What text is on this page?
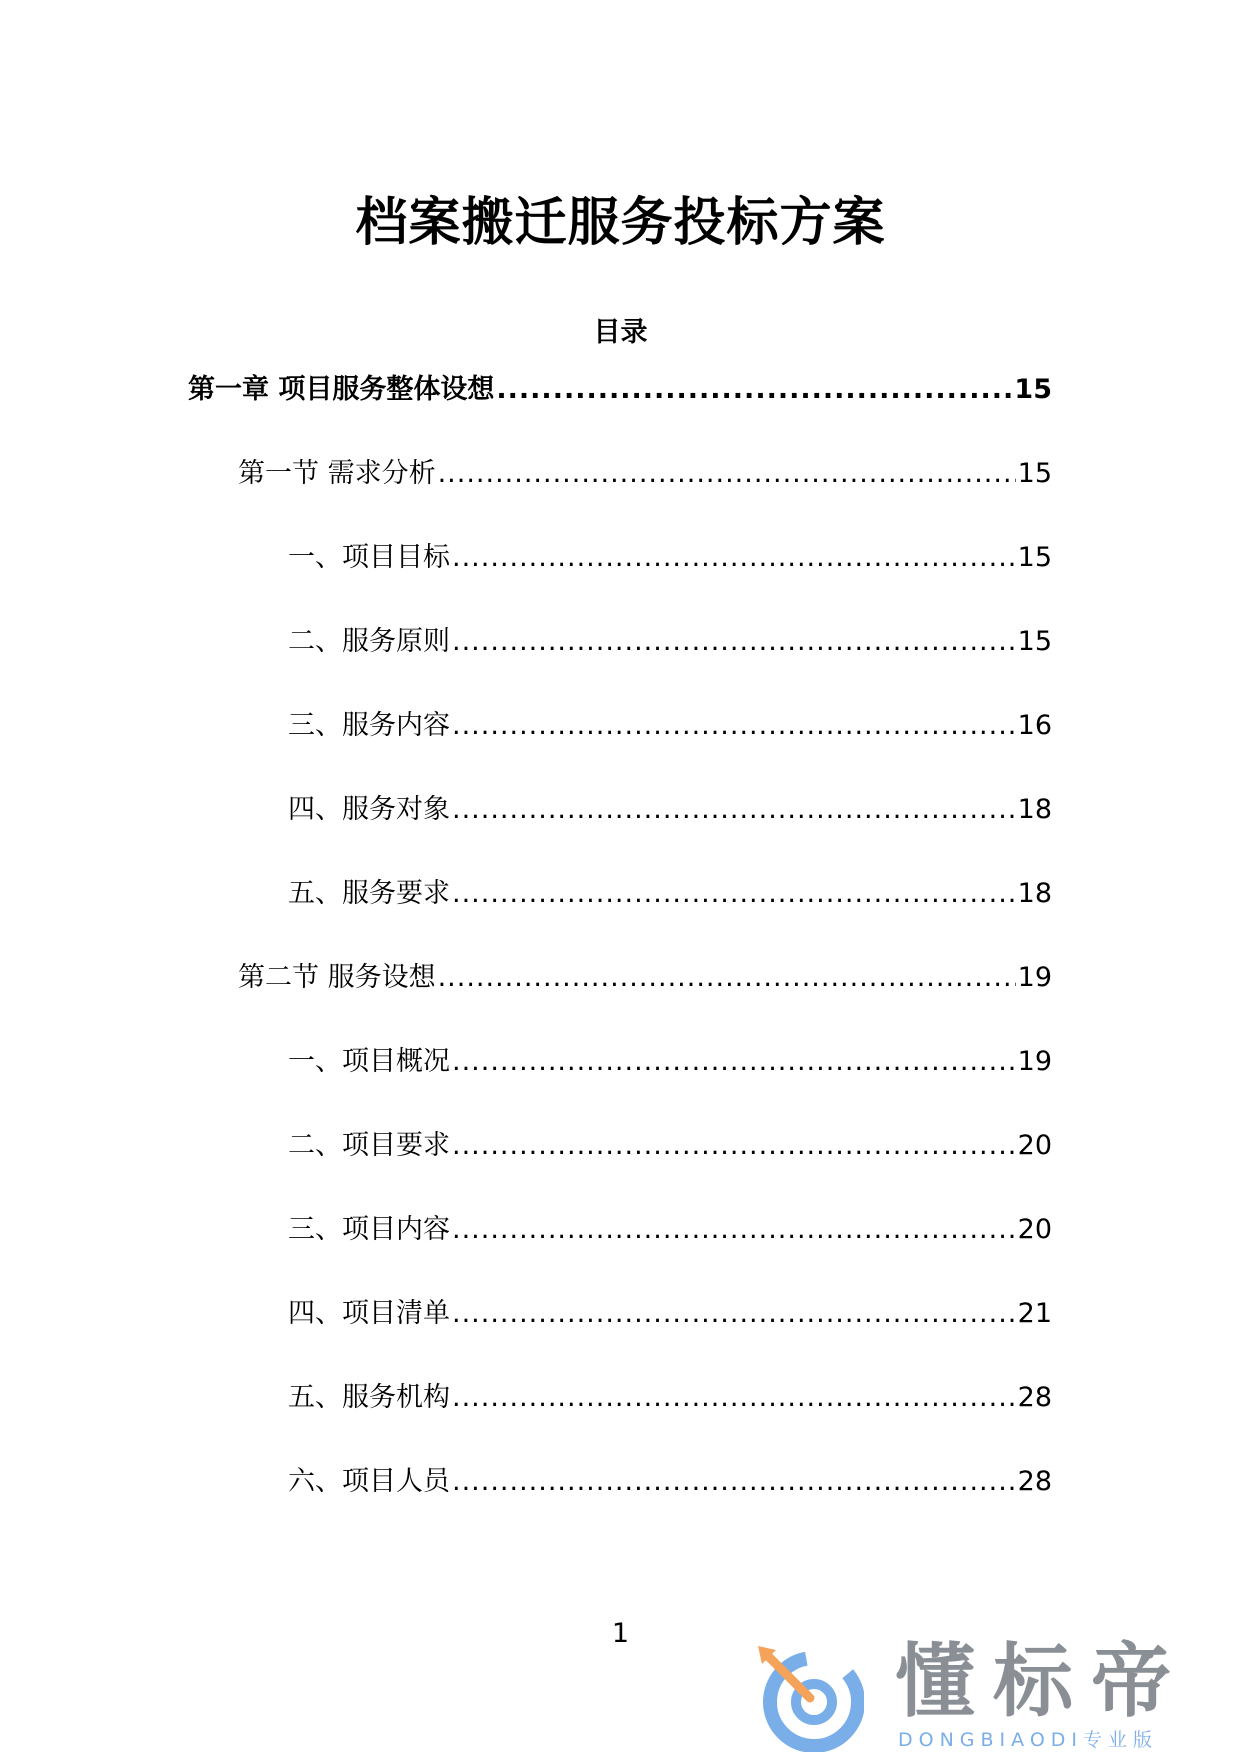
档案搬迁服务投标方案
目录
第一章 项目服务整体设想 .....	15
第一节 需求分析 .....	15
一、项目目标 .....	15
二、服务原则 .....	15
三、服务内容 .....	16
四、服务对象 .....	18
五、服务要求 .....	18
第二节 服务设想 .....	19
一、项目概况 .....	19
二、项目要求 .....	20
三、项目内容 .....	20
四、项目清单 .....	21
五、服务机构 .....	28
六、项目人员 .....	28
1
懂标帝
DONGBIAODI专业版
